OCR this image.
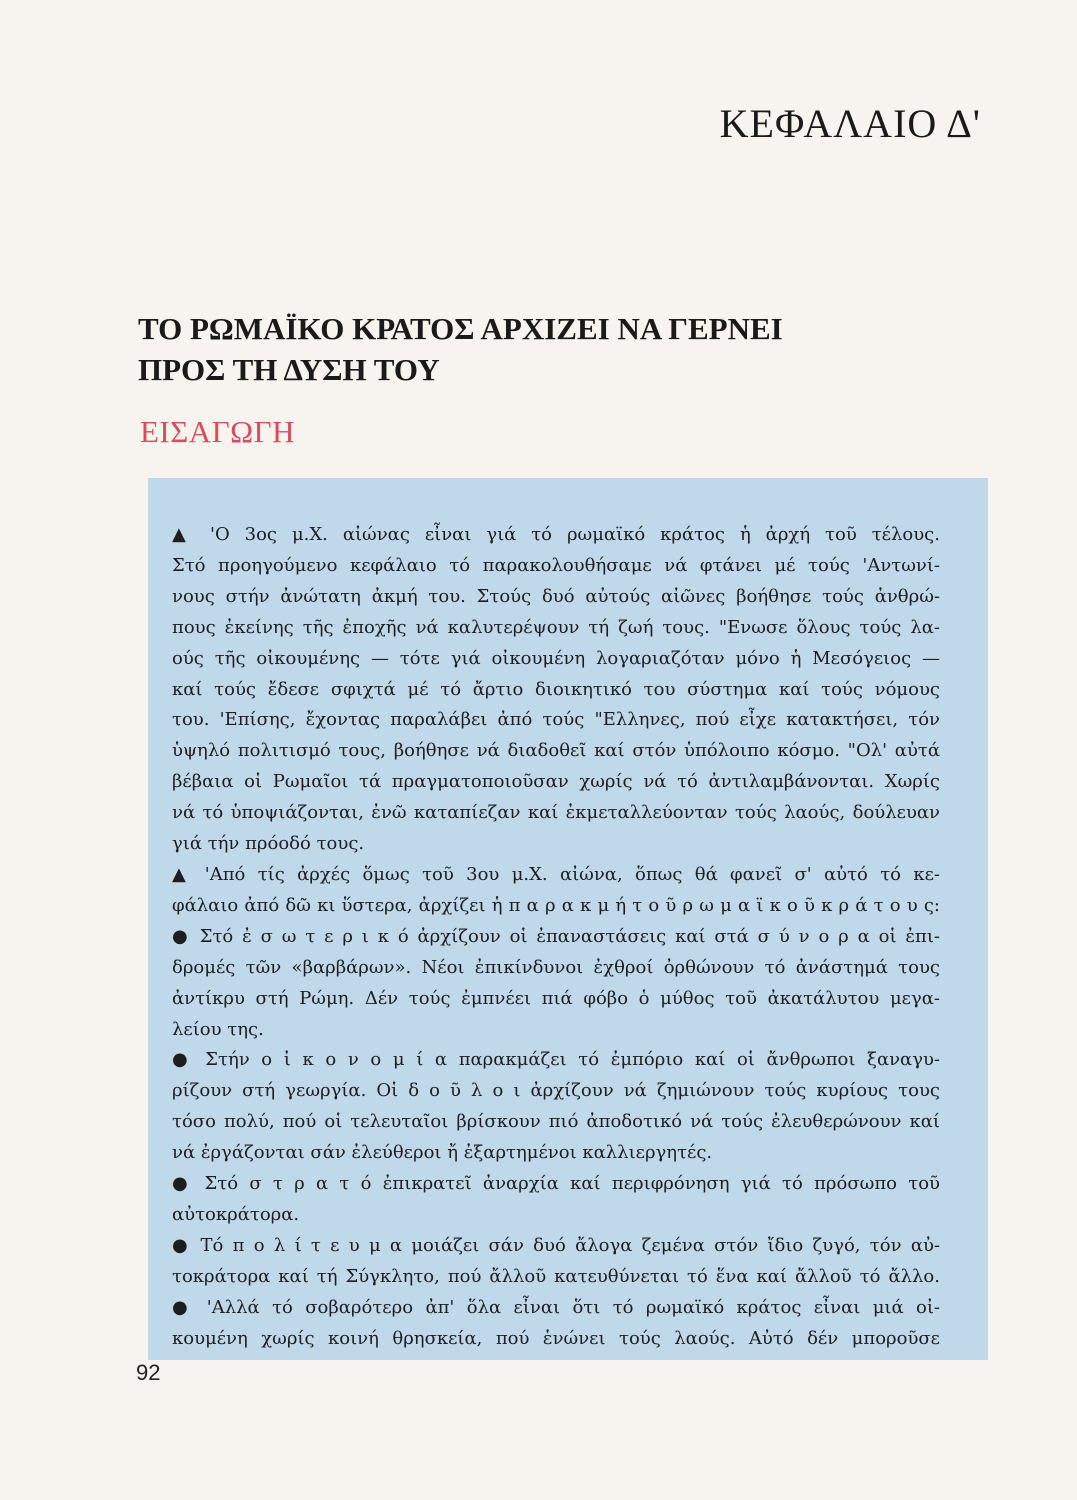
ΚΕΦΑΛΑΙΟ Δ'
ΤΟ ΡΩΜΑΪΚΟ ΚΡΑΤΟΣ ΑΡΧΙΖΕΙ ΝΑ ΓΕΡΝΕΙ
ΠΡΟΣ ΤΗ ΔΥΣΗ ΤΟΥ
ΕΙΣΑΓΩΓΗ
▲ 'Ο 3ος μ.Χ. αἰώνας εἶναι γιά τό ρωμαϊκό κράτος ἡ ἀρχή τοῦ τέλους.
Στό προηγούμενο κεφάλαιο τό παρακολουθήσαμε νά φτάνει μέ τούς 'Αντωνί-
νους στήν ἀνώτατη ἀκμή του. Στούς δυό αὐτούς αἰῶνες βοήθησε τούς ἀνθρώ-
πους ἐκείνης τῆς ἐποχῆς νά καλυτερέψουν τή ζωή τους. "Ενωσε ὅλους τούς λα-
ούς τῆς οἰκουμένης — τότε γιά οἰκουμένη λογαριαζόταν μόνο ἡ Μεσόγειος —
καί τούς ἔδεσε σφιχτά μέ τό ἄρτιο διοικητικό του σύστημα καί τούς νόμους
του. 'Επίσης, ἔχοντας παραλάβει ἀπό τούς "Ελληνες, πού εἶχε κατακτήσει, τόν
ὑψηλό πολιτισμό τους, βοήθησε νά διαδοθεῖ καί στόν ὑπόλοιπο κόσμο. "Ολ' αὐτά
βέβαια οἱ Ρωμαῖοι τά πραγματοποιοῦσαν χωρίς νά τό ἀντιλαμβάνονται. Χωρίς
νά τό ὑποψιάζονται, ἐνῶ καταπίεζαν καί ἐκμεταλλεύονταν τούς λαούς, δούλευαν
γιά τήν πρόοδό τους.
▲ 'Από τίς ἀρχές ὅμως τοῦ 3ου μ.Χ. αἰώνα, ὅπως θά φανεῖ σ' αὐτό τό κε-
φάλαιο ἀπό δῶ κι ὕστερα, ἀρχίζει ἡ π α ρ α κ μ ή τ ο ῦ ρ ω μ α ϊ κ ο ῦ κ ρ ά τ ο υ ς:
● Στό ἐ σ ω τ ε ρ ι κ ό ἀρχίζουν οἱ ἐπαναστάσεις καί στά σ ύ ν ο ρ α οἱ ἐπι-
δρομές τῶν «βαρβάρων». Νέοι ἐπικίνδυνοι ἐχθροί ὀρθώνουν τό ἀνάστημά τους
ἀντίκρυ στή Ρώμη. Δέν τούς ἐμπνέει πιά φόβο ὁ μύθος τοῦ ἀκατάλυτου μεγα-
λείου της.
● Στήν ο ἰ κ ο ν ο μ ί α παρακμάζει τό ἐμπόριο καί οἱ ἄνθρωποι ξαναγυ-
ρίζουν στή γεωργία. Οἱ δ ο ῦ λ ο ι ἀρχίζουν νά ζημιώνουν τούς κυρίους τους
τόσο πολύ, πού οἱ τελευταῖοι βρίσκουν πιό ἀποδοτικό νά τούς ἐλευθερώνουν καί
νά ἐργάζονται σάν ἐλεύθεροι ἤ ἐξαρτημένοι καλλιεργητές.
● Στό σ τ ρ α τ ό ἐπικρατεῖ ἀναρχία καί περιφρόνηση γιά τό πρόσωπο τοῦ
αὐτοκράτορα.
● Τό π ο λ ί τ ε υ μ α μοιάζει σάν δυό ἄλογα ζεμένα στόν ἴδιο ζυγό, τόν αὐ-
τοκράτορα καί τή Σύγκλητο, πού ἄλλοῦ κατευθύνεται τό ἕνα καί ἄλλοῦ τό ἄλλο.
● 'Αλλά τό σοβαρότερο ἀπ' ὅλα εἶναι ὅτι τό ρωμαϊκό κράτος εἶναι μιά οἰ-
κουμένη χωρίς κοινή θρησκεία, πού ἑνώνει τούς λαούς. Αὐτό δέν μποροῦσε
92
